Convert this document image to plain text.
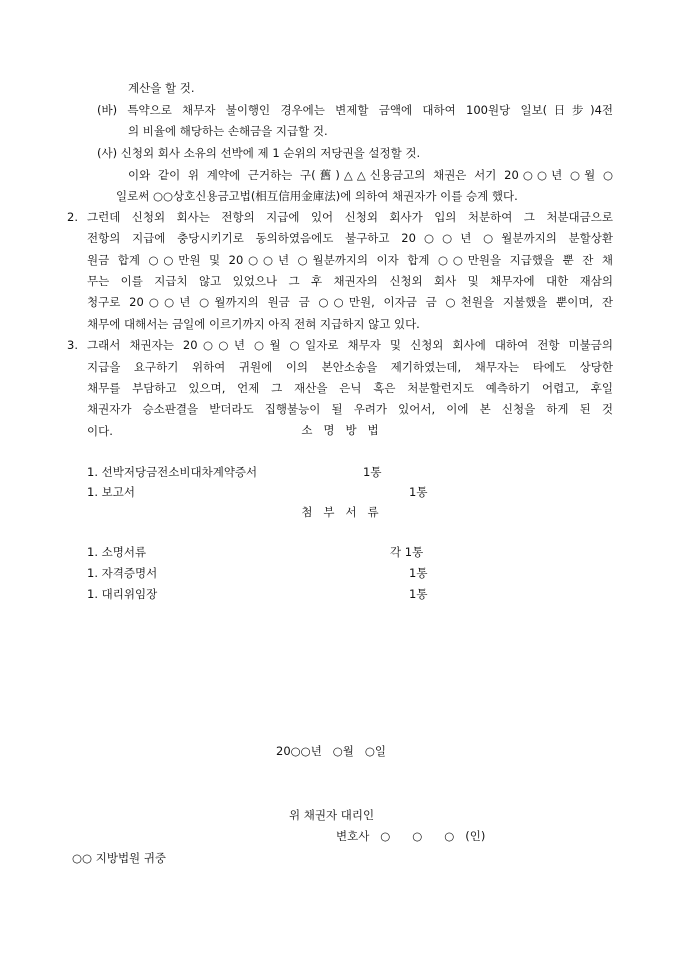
계산을 할 것.
(바) 특약으로 채무자 불이행인 경우에는 변제할 금액에 대하여 100원당 일보(日步)4전
의 비율에 해당하는 손해금을 지급할 것.
(사) 신청외 회사 소유의 선박에 제 1 순위의 저당권을 설정할 것.
이와 같이 위 계약에 근거하는 구(舊)△△신용금고의 채권은 서기 20○○년 ○월 ○
일로써 ○○상호신용금고법(相互信用金庫法)에 의하여 채권자가 이를 승계 했다.
2. 그런데 신청외 회사는 전항의 지급에 있어 신청외 회사가 입의 처분하여 그 처분대금으로
전항의 지급에 충당시키기로 동의하였음에도 불구하고 20○○년 ○월분까지의 분할상환
원금 합계 ○○만원 및 20○○년 ○월분까지의 이자 합계 ○○만원을 지급했을 뿐 잔 채
무는 이를 지급치 않고 있었으나 그 후 채권자의 신청외 회사 및 채무자에 대한 재삼의
청구로 20○○년 ○월까지의 원금 금 ○○만원, 이자금 금 ○천원을 지불했을 뿐이며, 잔
채무에 대해서는 금일에 이르기까지 아직 전혀 지급하지 않고 있다.
3. 그래서 채권자는 20○○년 ○월 ○일자로 채무자 및 신청외 회사에 대하여 전항 미불금의
지급을 요구하기 위하여 귀원에 이의 본안소송을 제기하였는데, 채무자는 타에도 상당한
채무를 부담하고 있으며, 언제 그 재산을 은닉 혹은 처분할런지도 예측하기 어렵고, 후일
채권자가 승소판결을 받더라도 집행불능이 될 우려가 있어서, 이에 본 신청을 하게 된 것
이다.	소   명   방   법
1. 선박저당금전소비대차계약증서	1통
1. 보고서	1통
첨   부   서   류
1. 소명서류	각 1통
1. 자격증명서	1통
1. 대리위임장	1통
20○○년   ○월   ○일
위 채권자 대리인
변호사   ○      ○      ○   (인)
○○ 지방법원 귀중
